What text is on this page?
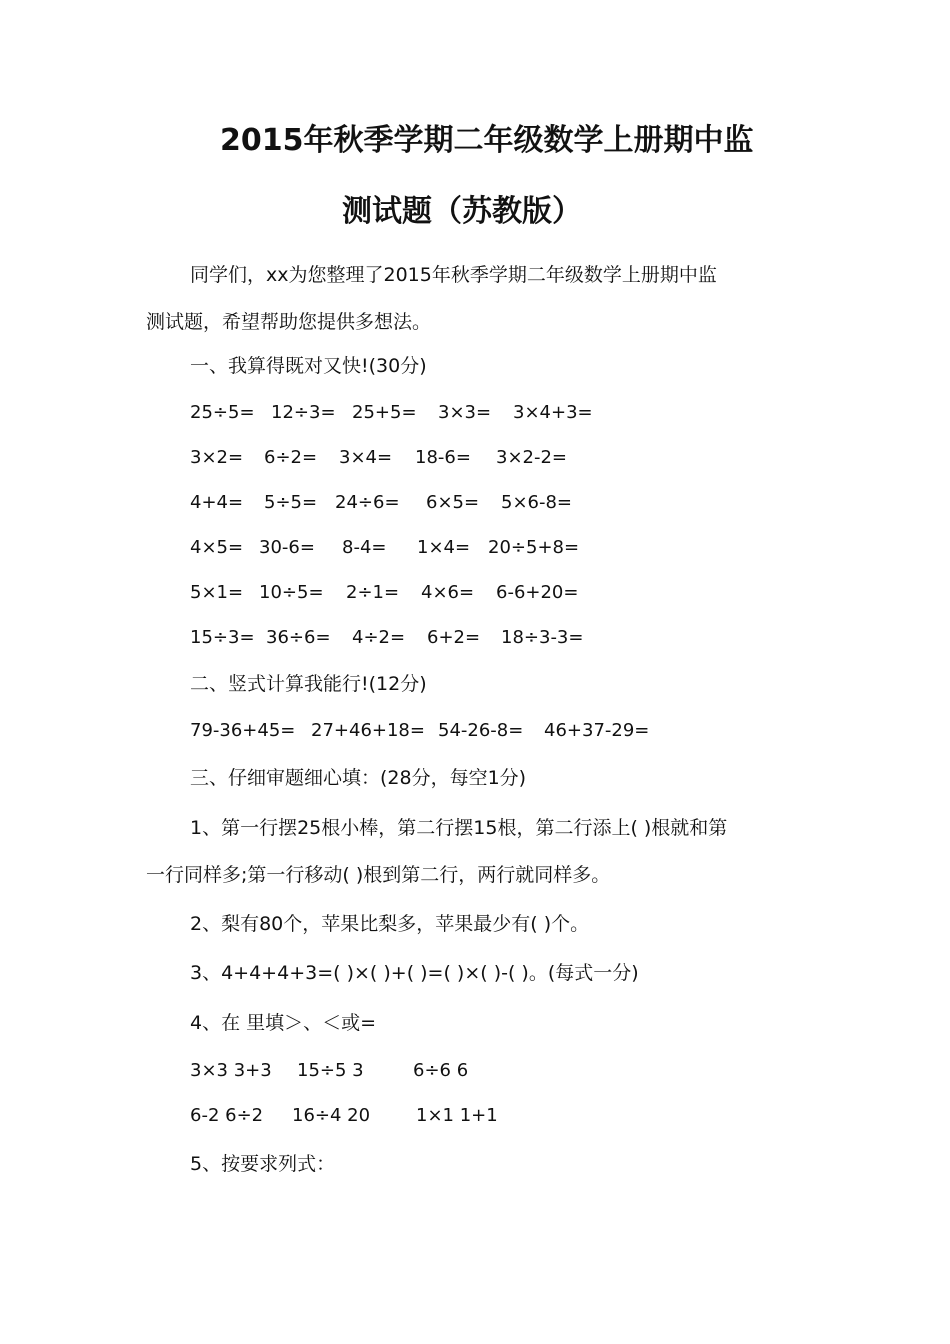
2015年秋季学期二年级数学上册期中监
测试题（苏教版）
同学们，xx为您整理了2015年秋季学期二年级数学上册期中监
测试题，希望帮助您提供多想法。
一、我算得既对又快!(30分)
25÷5= 12÷3= 25+5= 3×3= 3×4+3=
3×2= 6÷2= 3×4= 18-6= 3×2-2=
4+4= 5÷5= 24÷6= 6×5= 5×6-8=
4×5= 30-6= 8-4= 1×4= 20÷5+8=
5×1= 10÷5= 2÷1= 4×6= 6-6+20=
15÷3= 36÷6= 4÷2= 6+2= 18÷3-3=
二、竖式计算我能行!(12分)
79-36+45= 27+46+18= 54-26-8= 46+37-29=
三、仔细审题细心填：(28分，每空1分)
1、第一行摆25根小棒，第二行摆15根，第二行添上( )根就和第
一行同样多;第一行移动( )根到第二行，两行就同样多。
2、梨有80个，苹果比梨多，苹果最少有( )个。
3、4+4+4+3=( )×( )+( )=( )×( )-( )。(每式一分)
4、在 里填＞、＜或=
3×3 3+3 15÷5 3	6÷6 6
6-2 6÷2 16÷4 20	1×1 1+1
5、按要求列式：
